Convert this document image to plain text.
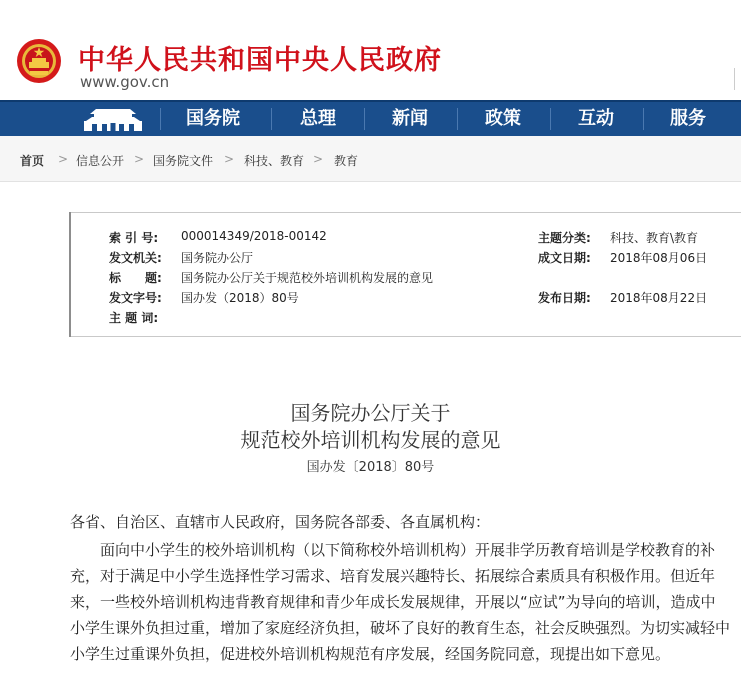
中华人民共和国中央人民政府
www.gov.cn
国务院	总理	新闻	政策	互动	服务
首页 > 信息公开 > 国务院文件 > 科技、教育 > 教育
索 引 号:	000014349/2018-00142
发文机关:	国务院办公厅
标　　题:	国务院办公厅关于规范校外培训机构发展的意见
发文字号:	国办发（2018）80号
主 题 词:
主题分类:	科技、教育\教育
成文日期:	2018年08月06日
发布日期:	2018年08月22日
国务院办公厅关于
规范校外培训机构发展的意见
国办发〔2018〕80号
各省、自治区、直辖市人民政府，国务院各部委、各直属机构：
面向中小学生的校外培训机构（以下简称校外培训机构）开展非学历教育培训是学校教育的补充，对于满足中小学生选择性学习需求、培育发展兴趣特长、拓展综合素质具有积极作用。但近年来，一些校外培训机构违背教育规律和青少年成长发展规律，开展以“应试”为导向的培训，造成中小学生课外负担过重，增加了家庭经济负担，破坏了良好的教育生态，社会反映强烈。为切实减轻中小学生过重课外负担，促进校外培训机构规范有序发展，经国务院同意，现提出如下意见。
